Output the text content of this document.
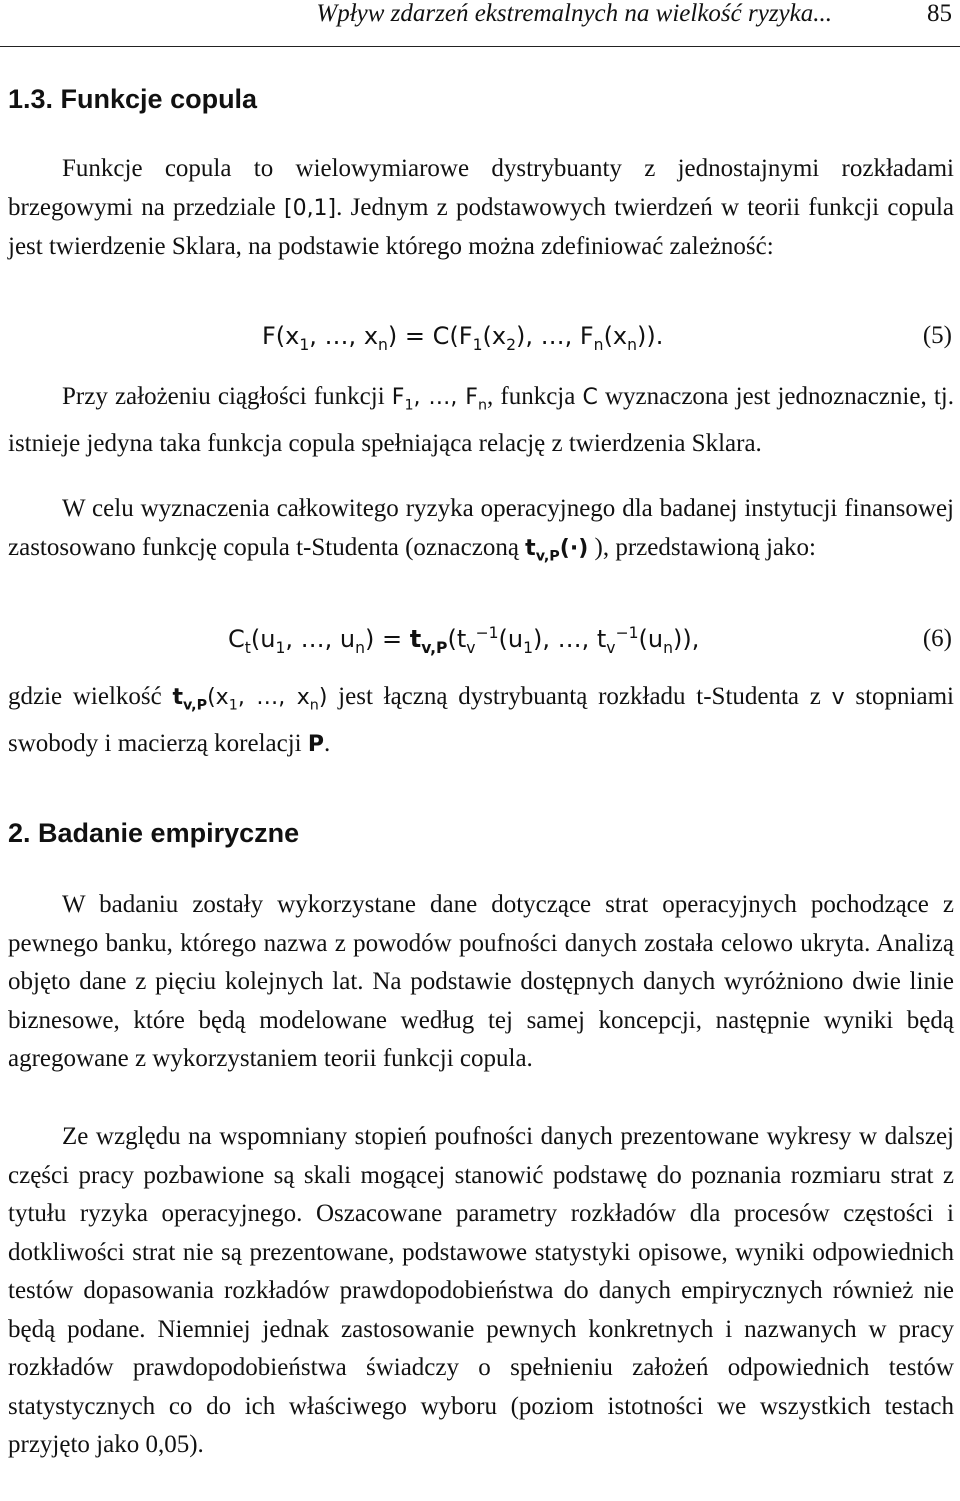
Wpływ zdarzeń ekstremalnych na wielkość ryzyka...	85
1.3. Funkcje copula
Funkcje copula to wielowymiarowe dystrybuanty z jednostajnymi rozkładami brzegowymi na przedziale [0,1]. Jednym z podstawowych twierdzeń w teorii funkcji copula jest twierdzenie Sklara, na podstawie którego można zdefiniować zależność:
$F(x_1$, …, $x_n) = C(F_1(x_2)$, …, $F_n(x_n)$).	(5)
Przy założeniu ciągłości funkcji $F_1$, …, $F_n$, funkcja C wyznaczona jest jednoznacznie, tj. istnieje jedyna taka funkcja copula spełniająca relację z twierdzenia Sklara.
W celu wyznaczenia całkowitego ryzyka operacyjnego dla badanej instytucji finansowej zastosowano funkcję copula t-Studenta (oznaczoną $t_{v,P}(\cdot)$ ), przedstawioną jako:
$C_t(u_1$, …, $u_n) = t_{v,P}(t_v^{-1}(u_1)$, …, $t_v^{-1}(u_n)$),	(6)
gdzie wielkość $t_{v,P}(x_1$, …, $x_n$) jest łączną dystrybuantą rozkładu t-Studenta z v stopniami swobody i macierzą korelacji P.
2. Badanie empiryczne
W badaniu zostały wykorzystane dane dotyczące strat operacyjnych pochodzące z pewnego banku, którego nazwa z powodów poufności danych została celowo ukryta. Analizą objęto dane z pięciu kolejnych lat. Na podstawie dostępnych danych wyróżniono dwie linie biznesowe, które będą modelowane według tej samej koncepcji, następnie wyniki będą agregowane z wykorzystaniem teorii funkcji copula.
Ze względu na wspomniany stopień poufności danych prezentowane wykresy w dalszej części pracy pozbawione są skali mogącej stanowić podstawę do poznania rozmiaru strat z tytułu ryzyka operacyjnego. Oszacowane parametry rozkładów dla procesów częstości i dotkliwości strat nie są prezentowane, podstawowe statystyki opisowe, wyniki odpowiednich testów dopasowania rozkładów prawdopodobieństwa do danych empirycznych również nie będą podane. Niemniej jednak zastosowanie pewnych konkretnych i nazwanych w pracy rozkładów prawdopodobieństwa świadczy o spełnieniu założeń odpowiednich testów statystycznych co do ich właściwego wyboru (poziom istotności we wszystkich testach przyjęto jako 0,05).
